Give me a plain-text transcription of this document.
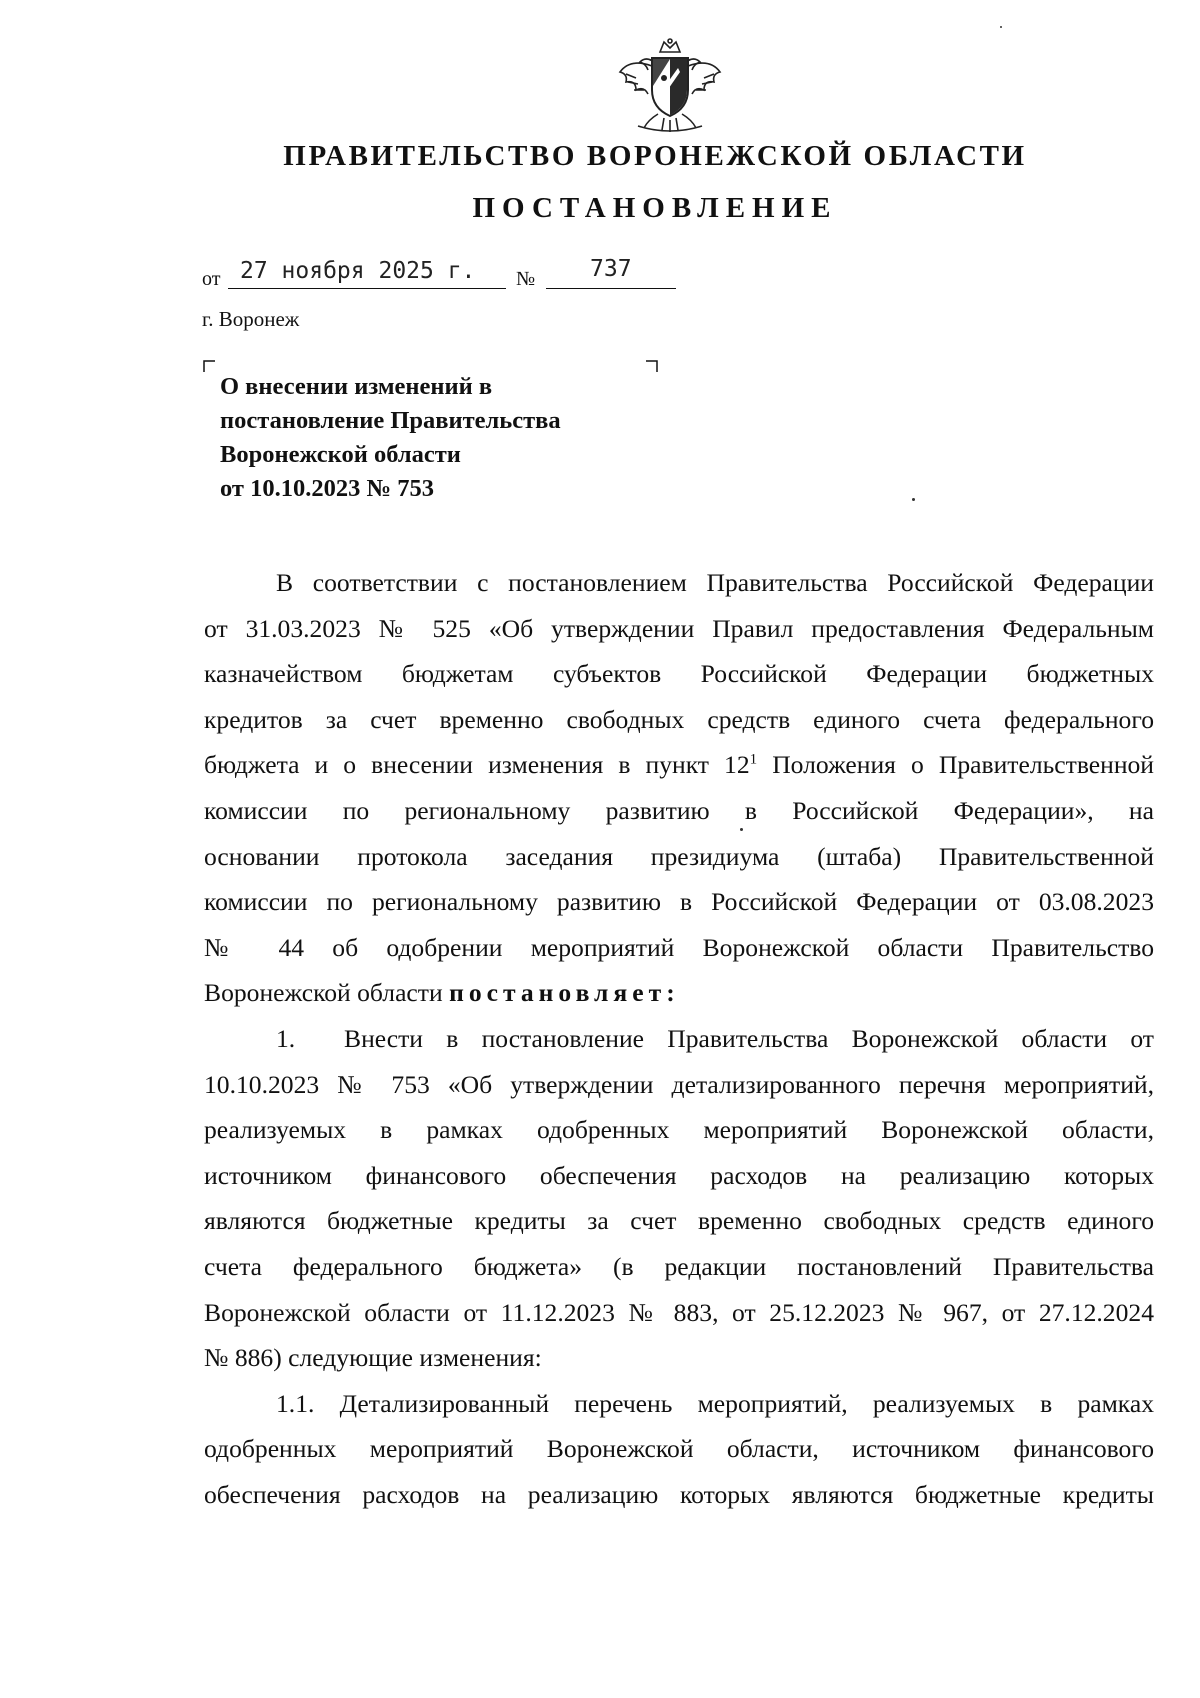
ПРАВИТЕЛЬСТВО ВОРОНЕЖСКОЙ ОБЛАСТИ
ПОСТАНОВЛЕНИЕ
от 27 ноября 2025 г. № 737
г. Воронеж
О внесении изменений в
постановление Правительства
Воронежской области
от 10.10.2023 № 753
В соответствии с постановлением Правительства Российской Федерации
от 31.03.2023 № 525 «Об утверждении Правил предоставления Федеральным
казначейством бюджетам субъектов Российской Федерации бюджетных
кредитов за счет временно свободных средств единого счета федерального
бюджета и о внесении изменения в пункт $12^1$ Положения о Правительственной
комиссии по региональному развитию в Российской Федерации», на
основании протокола заседания президиума (штаба) Правительственной
комиссии по региональному развитию в Российской Федерации от 03.08.2023
№ 44 об одобрении мероприятий Воронежской области Правительство
Воронежской области постановляет:
1.	Внести в постановление Правительства Воронежской области от
10.10.2023 № 753 «Об утверждении детализированного перечня мероприятий,
реализуемых в рамках одобренных мероприятий Воронежской области,
источником финансового обеспечения расходов на реализацию которых
являются бюджетные кредиты за счет временно свободных средств единого
счета федерального бюджета» (в редакции постановлений Правительства
Воронежской области от 11.12.2023 № 883, от 25.12.2023 № 967, от 27.12.2024
№ 886) следующие изменения:
1.1. Детализированный перечень мероприятий, реализуемых в рамках
одобренных мероприятий Воронежской области, источником финансового
обеспечения расходов на реализацию которых являются бюджетные кредиты
